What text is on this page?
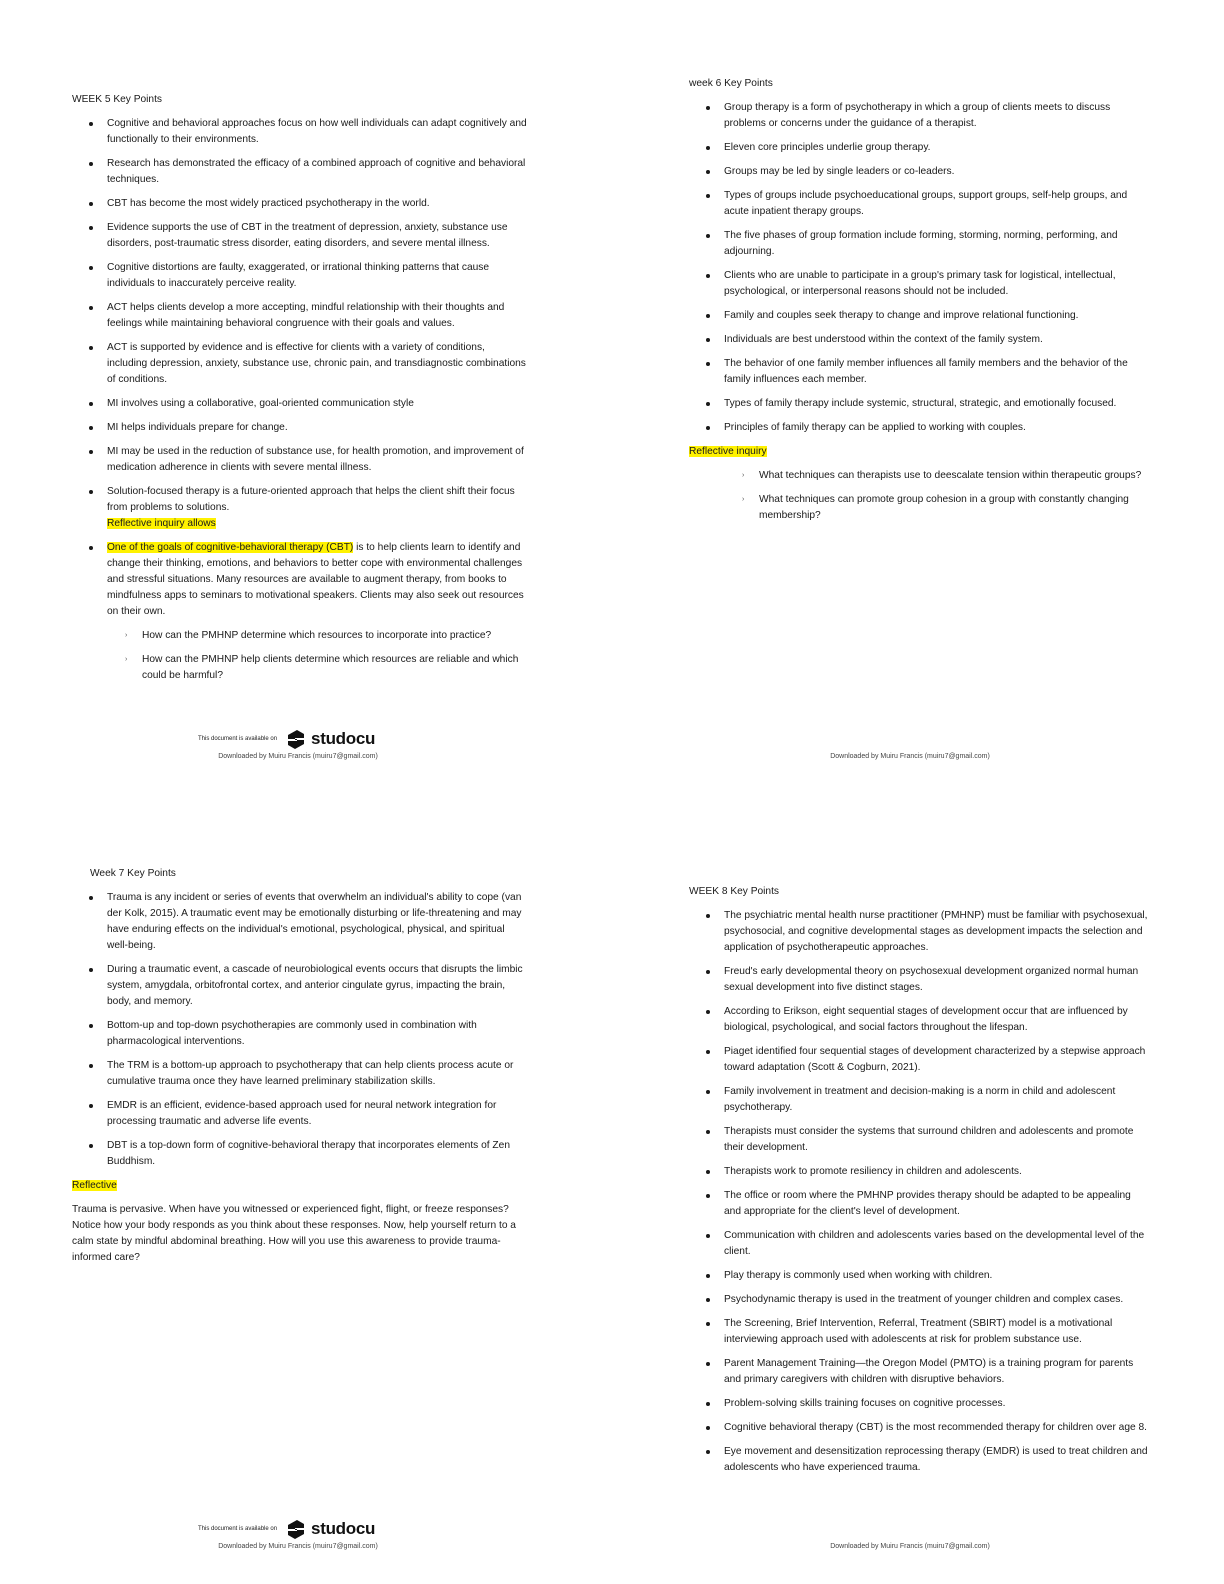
WEEK 5 Key Points
Cognitive and behavioral approaches focus on how well individuals can adapt cognitively and functionally to their environments.
Research has demonstrated the efficacy of a combined approach of cognitive and behavioral techniques.
CBT has become the most widely practiced psychotherapy in the world.
Evidence supports the use of CBT in the treatment of depression, anxiety, substance use disorders, post-traumatic stress disorder, eating disorders, and severe mental illness.
Cognitive distortions are faulty, exaggerated, or irrational thinking patterns that cause individuals to inaccurately perceive reality.
ACT helps clients develop a more accepting, mindful relationship with their thoughts and feelings while maintaining behavioral congruence with their goals and values.
ACT is supported by evidence and is effective for clients with a variety of conditions, including depression, anxiety, substance use, chronic pain, and transdiagnostic combinations of conditions.
MI involves using a collaborative, goal-oriented communication style
MI helps individuals prepare for change.
MI may be used in the reduction of substance use, for health promotion, and improvement of medication adherence in clients with severe mental illness.
Solution-focused therapy is a future-oriented approach that helps the client shift their focus from problems to solutions.
Reflective inquiry allows
One of the goals of cognitive-behavioral therapy (CBT) is to help clients learn to identify and change their thinking, emotions, and behaviors to better cope with environmental challenges and stressful situations. Many resources are available to augment therapy, from books to mindfulness apps to seminars to motivational speakers. Clients may also seek out resources on their own.
› How can the PMHNP determine which resources to incorporate into practice?
› How can the PMHNP help clients determine which resources are reliable and which could be harmful?
This document is available on studocu
Downloaded by Muiru Francis (muiru7@gmail.com)
week 6 Key Points
Group therapy is a form of psychotherapy in which a group of clients meets to discuss problems or concerns under the guidance of a therapist.
Eleven core principles underlie group therapy.
Groups may be led by single leaders or co-leaders.
Types of groups include psychoeducational groups, support groups, self-help groups, and acute inpatient therapy groups.
The five phases of group formation include forming, storming, norming, performing, and adjourning.
Clients who are unable to participate in a group's primary task for logistical, intellectual, psychological, or interpersonal reasons should not be included.
Family and couples seek therapy to change and improve relational functioning.
Individuals are best understood within the context of the family system.
The behavior of one family member influences all family members and the behavior of the family influences each member.
Types of family therapy include systemic, structural, strategic, and emotionally focused.
Principles of family therapy can be applied to working with couples.
Reflective inquiry
› What techniques can therapists use to deescalate tension within therapeutic groups?
› What techniques can promote group cohesion in a group with constantly changing membership?
Downloaded by Muiru Francis (muiru7@gmail.com)
Week 7 Key Points
Trauma is any incident or series of events that overwhelm an individual's ability to cope (van der Kolk, 2015). A traumatic event may be emotionally disturbing or life-threatening and may have enduring effects on the individual's emotional, psychological, physical, and spiritual well-being.
During a traumatic event, a cascade of neurobiological events occurs that disrupts the limbic system, amygdala, orbitofrontal cortex, and anterior cingulate gyrus, impacting the brain, body, and memory.
Bottom-up and top-down psychotherapies are commonly used in combination with pharmacological interventions.
The TRM is a bottom-up approach to psychotherapy that can help clients process acute or cumulative trauma once they have learned preliminary stabilization skills.
EMDR is an efficient, evidence-based approach used for neural network integration for processing traumatic and adverse life events.
DBT is a top-down form of cognitive-behavioral therapy that incorporates elements of Zen Buddhism.
Reflective

Trauma is pervasive. When have you witnessed or experienced fight, flight, or freeze responses? Notice how your body responds as you think about these responses. Now, help yourself return to a calm state by mindful abdominal breathing. How will you use this awareness to provide trauma-informed care?

This document is available on studocu
Downloaded by Muiru Francis (muiru7@gmail.com)
WEEK 8 Key Points
The psychiatric mental health nurse practitioner (PMHNP) must be familiar with psychosexual, psychosocial, and cognitive developmental stages as development impacts the selection and application of psychotherapeutic approaches.
Freud's early developmental theory on psychosexual development organized normal human sexual development into five distinct stages.
According to Erikson, eight sequential stages of development occur that are influenced by biological, psychological, and social factors throughout the lifespan.
Piaget identified four sequential stages of development characterized by a stepwise approach toward adaptation (Scott & Cogburn, 2021).
Family involvement in treatment and decision-making is a norm in child and adolescent psychotherapy.
Therapists must consider the systems that surround children and adolescents and promote their development.
Therapists work to promote resiliency in children and adolescents.
The office or room where the PMHNP provides therapy should be adapted to be appealing and appropriate for the client's level of development.
Communication with children and adolescents varies based on the developmental level of the client.
Play therapy is commonly used when working with children.
Psychodynamic therapy is used in the treatment of younger children and complex cases.
The Screening, Brief Intervention, Referral, Treatment (SBIRT) model is a motivational interviewing approach used with adolescents at risk for problem substance use.
Parent Management Training—the Oregon Model (PMTO) is a training program for parents and primary caregivers with children with disruptive behaviors.
Problem-solving skills training focuses on cognitive processes.
Cognitive behavioral therapy (CBT) is the most recommended therapy for children over age 8.
Eye movement and desensitization reprocessing therapy (EMDR) is used to treat children and adolescents who have experienced trauma.
Downloaded by Muiru Francis (muiru7@gmail.com)
